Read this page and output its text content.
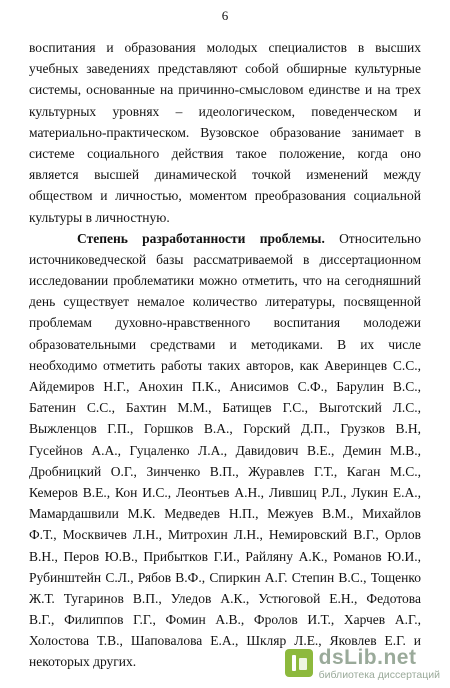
6
воспитания и образования молодых специалистов в высших
учебных заведениях представляют собой обширные культурные
системы, основанные на причинно-смысловом единстве и на трех
культурных уровнях – идеологическом, поведенческом и
материально-практическом. Вузовское образование занимает в
системе социального действия такое положение, когда оно
является высшей динамической точкой изменений между
обществом и личностью, моментом преобразования социальной
культуры в личностную.
Степень разработанности проблемы. Относительно
источниковедческой базы рассматриваемой в диссертационном
исследовании проблематики можно отметить, что на сегодняшний
день существует немалое количество литературы, посвященной
проблемам духовно-нравственного воспитания молодежи
образовательными средствами и методиками. В их числе
необходимо отметить работы таких авторов, как Аверинцев С.С.,
Айдемиров Н.Г., Анохин П.К., Анисимов С.Ф., Барулин В.С.,
Батенин С.С., Бахтин М.М., Батищев Г.С., Выготский Л.С.,
Выжленцов Г.П., Горшков В.А., Горский Д.П., Грузков В.Н,
Гусейнов А.А., Гуцаленко Л.А., Давидович В.Е., Демин М.В.,
Дробницкий О.Г., Зинченко В.П., Журавлев Г.Т., Каган М.С.,
Кемеров В.Е., Кон И.С., Леонтьев А.Н., Лившиц Р.Л., Лукин Е.А.,
Мамардашвили М.К. Медведев Н.П., Межуев В.М., Михайлов
Ф.Т., Москвичев Л.Н., Митрохин Л.Н., Немировский В.Г., Орлов
В.Н., Перов Ю.В., Прибытков Г.И., Райляну А.К., Романов Ю.И.,
Рубинштейн С.Л., Рябов В.Ф., Спиркин А.Г. Степин В.С., Тощенко
Ж.Т. Тугаринов В.П., Уледов А.К., Устюговой Е.Н., Федотова
В.Г., Филиппов Г.Г., Фомин А.В., Фролов И.Т., Харчев А.Г.,
Холостова Т.В., Шаповалова Е.А., Шкляр Л.Е., Яковлев Е.Г. и
некоторых других.	dsLib.net
библиотека диссертаций
